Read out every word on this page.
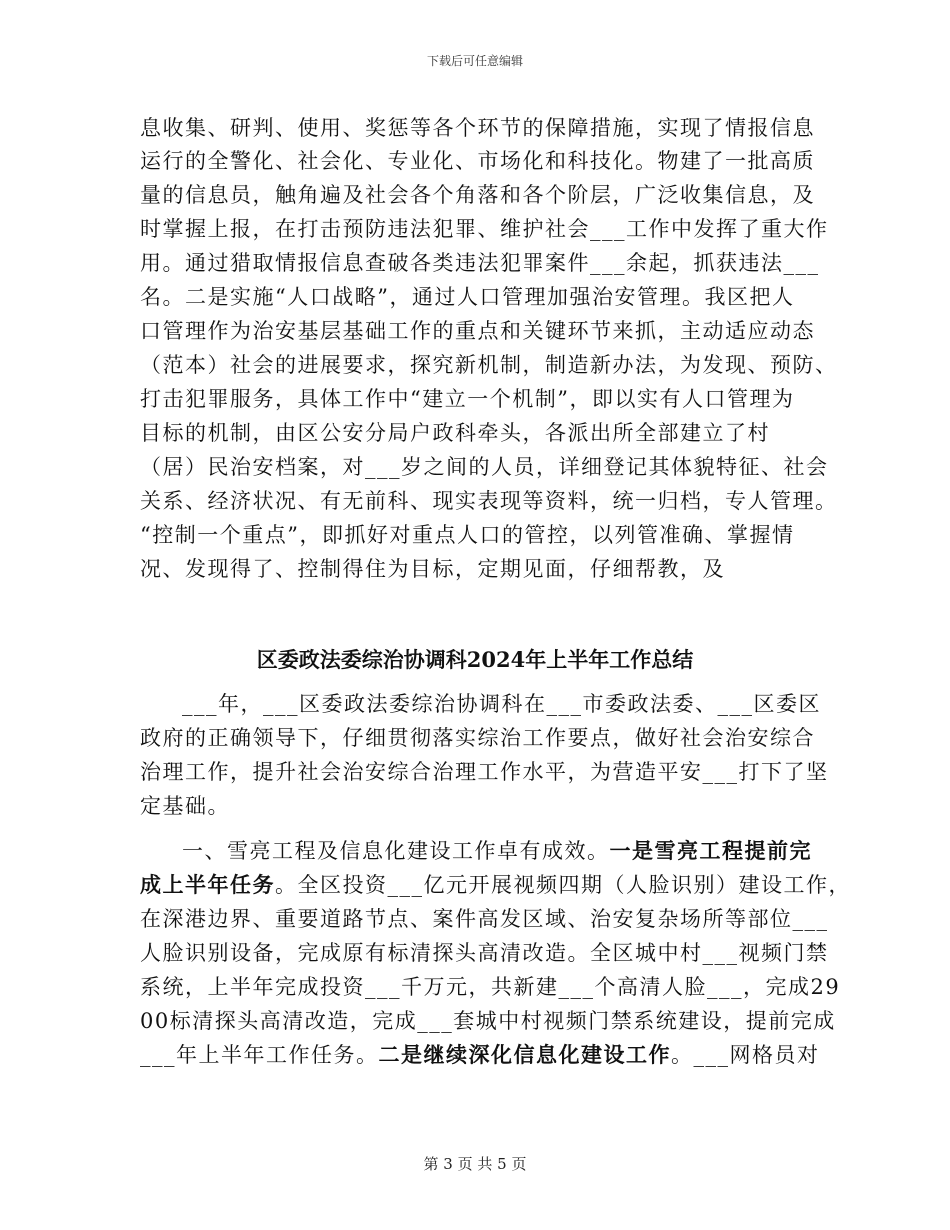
下载后可任意编辑
息收集、研判、使用、奖惩等各个环节的保障措施，实现了情报信息
运行的全警化、社会化、专业化、市场化和科技化。物建了一批高质
量的信息员，触角遍及社会各个角落和各个阶层，广泛收集信息，及
时掌握上报，在打击预防违法犯罪、维护社会___工作中发挥了重大作
用。通过猎取情报信息查破各类违法犯罪案件___余起，抓获违法___
名。二是实施“人口战略”，通过人口管理加强治安管理。我区把人
口管理作为治安基层基础工作的重点和关键环节来抓，主动适应动态
（范本）社会的进展要求，探究新机制，制造新办法，为发现、预防、
打击犯罪服务，具体工作中“建立一个机制”，即以实有人口管理为
目标的机制，由区公安分局户政科牵头，各派出所全部建立了村
（居）民治安档案，对___岁之间的人员，详细登记其体貌特征、社会
关系、经济状况、有无前科、现实表现等资料，统一归档，专人管理。
“控制一个重点”，即抓好对重点人口的管控，以列管准确、掌握情
况、发现得了、控制得住为目标，定期见面，仔细帮教，及
区委政法委综治协调科2024年上半年工作总结
___年，___区委政法委综治协调科在___市委政法委、___区委区
政府的正确领导下，仔细贯彻落实综治工作要点，做好社会治安综合
治理工作，提升社会治安综合治理工作水平，为营造平安___打下了坚
定基础。
一、雪亮工程及信息化建设工作卓有成效。一是雪亮工程提前完
成上半年任务。全区投资___亿元开展视频四期（人脸识别）建设工作，
在深港边界、重要道路节点、案件高发区域、治安复杂场所等部位___
人脸识别设备，完成原有标清探头高清改造。全区城中村___视频门禁
系统，上半年完成投资___千万元，共新建___个高清人脸___，完成29
00标清探头高清改造，完成___套城中村视频门禁系统建设，提前完成
___年上半年工作任务。二是继续深化信息化建设工作。___网格员对
第 3 页 共 5 页
